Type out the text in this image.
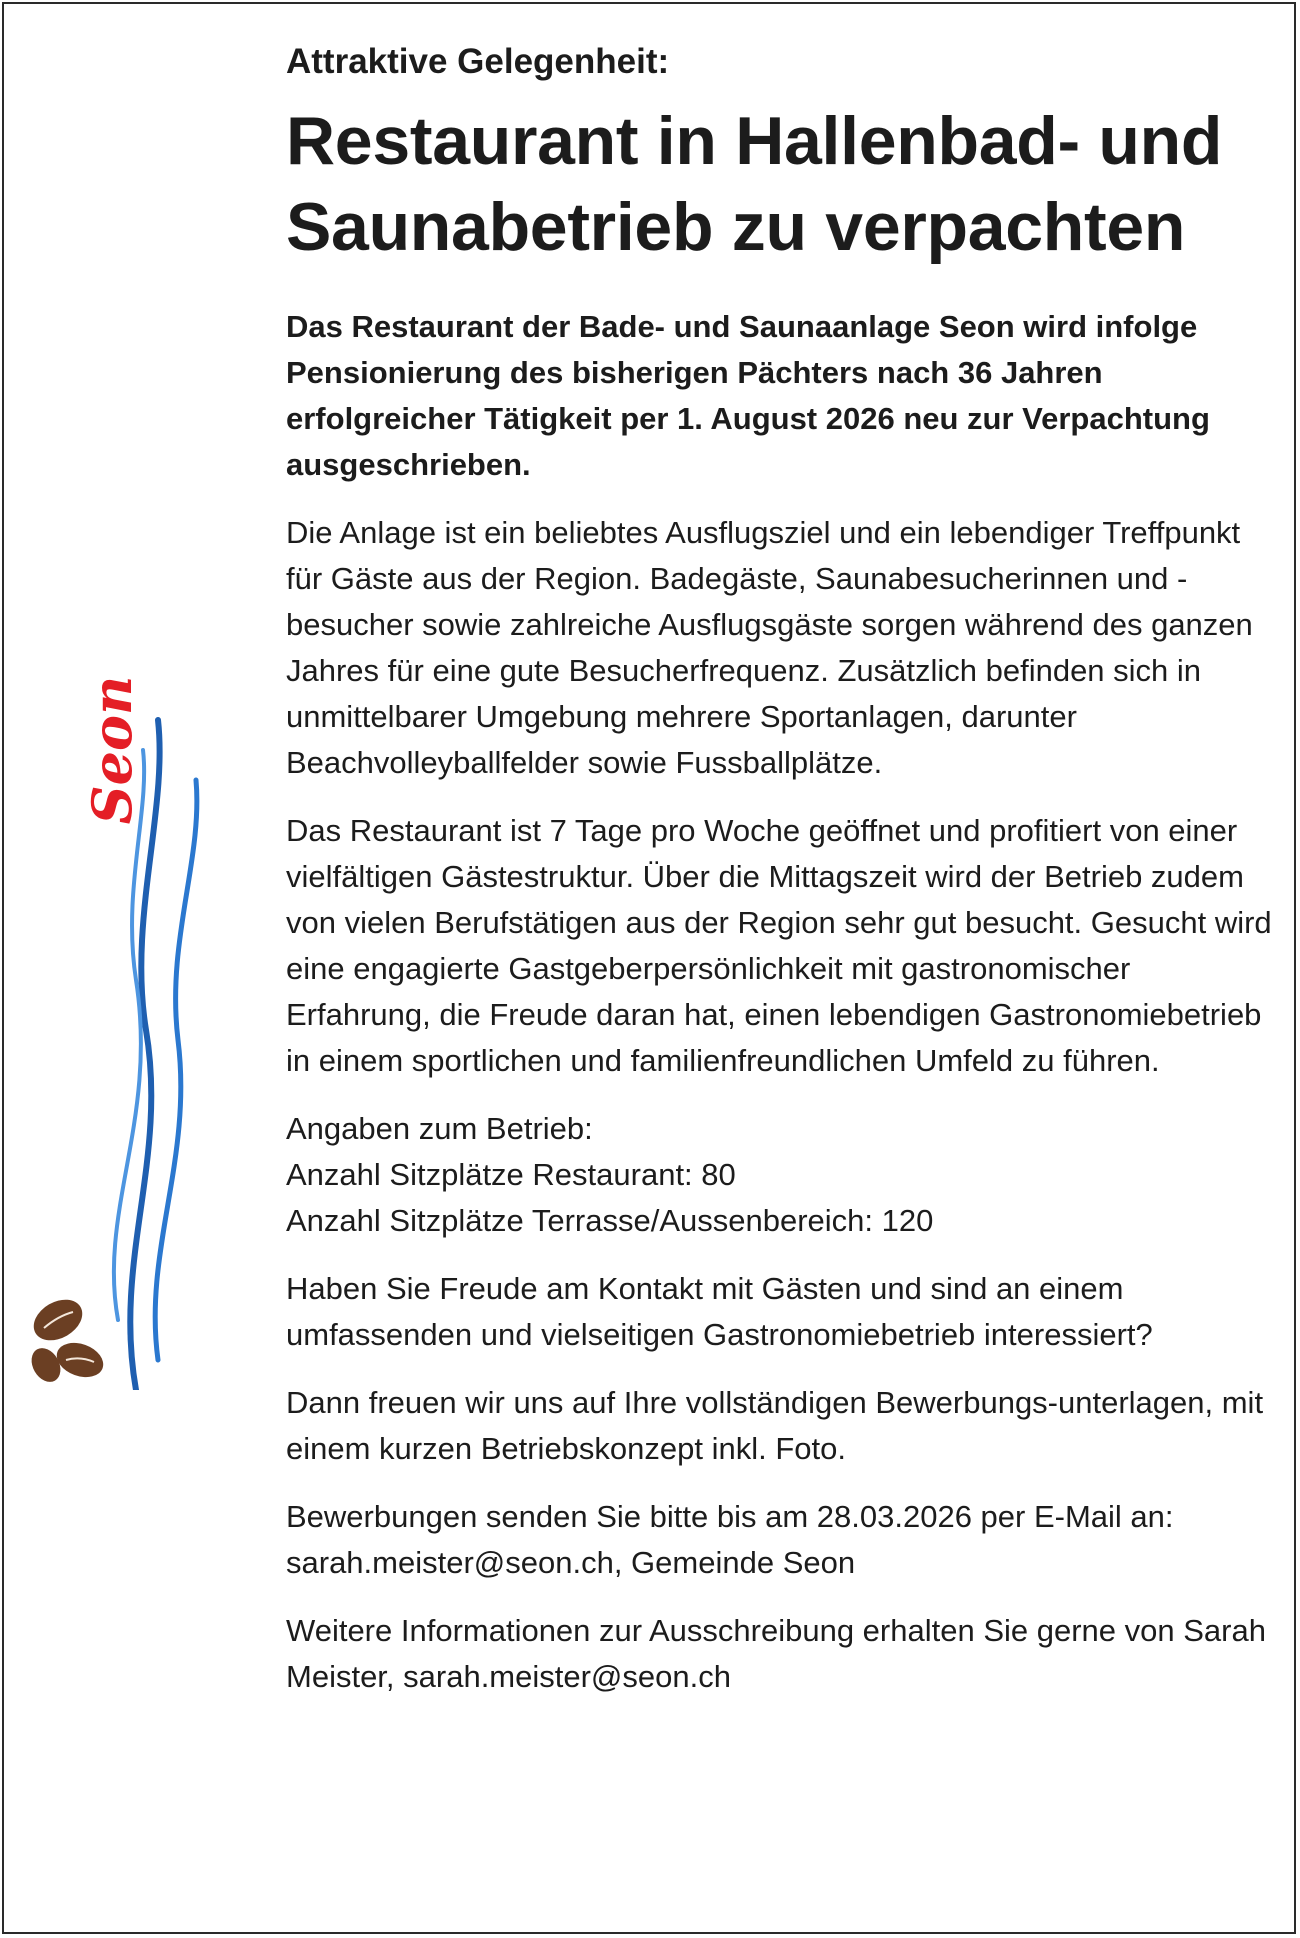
Seon

Attraktive Gelegenheit:

Restaurant in Hallenbad- und
Saunabetrieb zu verpachten

Das Restaurant der Bade- und Saunaanlage Seon wird infolge Pensionierung des bisherigen Pächters nach 36 Jahren erfolgreicher Tätigkeit per 1. August 2026 neu zur Verpachtung ausgeschrieben.

Die Anlage ist ein beliebtes Ausflugsziel und ein lebendiger Treffpunkt für Gäste aus der Region. Badegäste, Saunabesucherinnen und -besucher sowie zahlreiche Ausflugsgäste sorgen während des ganzen Jahres für eine gute Besucherfrequenz. Zusätzlich befinden sich in unmittelbarer Umgebung mehrere Sportanlagen, darunter Beachvolleyballfelder sowie Fussballplätze.

Das Restaurant ist 7 Tage pro Woche geöffnet und profitiert von einer vielfältigen Gästestruktur. Über die Mittagszeit wird der Betrieb zudem von vielen Berufstätigen aus der Region sehr gut besucht. Gesucht wird eine engagierte Gastgeberpersönlichkeit mit gastronomischer Erfahrung, die Freude daran hat, einen lebendigen Gastronomiebetrieb in einem sportlichen und familienfreundlichen Umfeld zu führen.

Angaben zum Betrieb:
Anzahl Sitzplätze Restaurant: 80
Anzahl Sitzplätze Terrasse/Aussenbereich: 120

Haben Sie Freude am Kontakt mit Gästen und sind an einem umfassenden und vielseitigen Gastronomiebetrieb interessiert?

Dann freuen wir uns auf Ihre vollständigen Bewerbungs-unterlagen, mit einem kurzen Betriebskonzept inkl. Foto.

Bewerbungen senden Sie bitte bis am 28.03.2026 per E-Mail an: sarah.meister@seon.ch, Gemeinde Seon

Weitere Informationen zur Ausschreibung erhalten Sie gerne von Sarah Meister, sarah.meister@seon.ch
